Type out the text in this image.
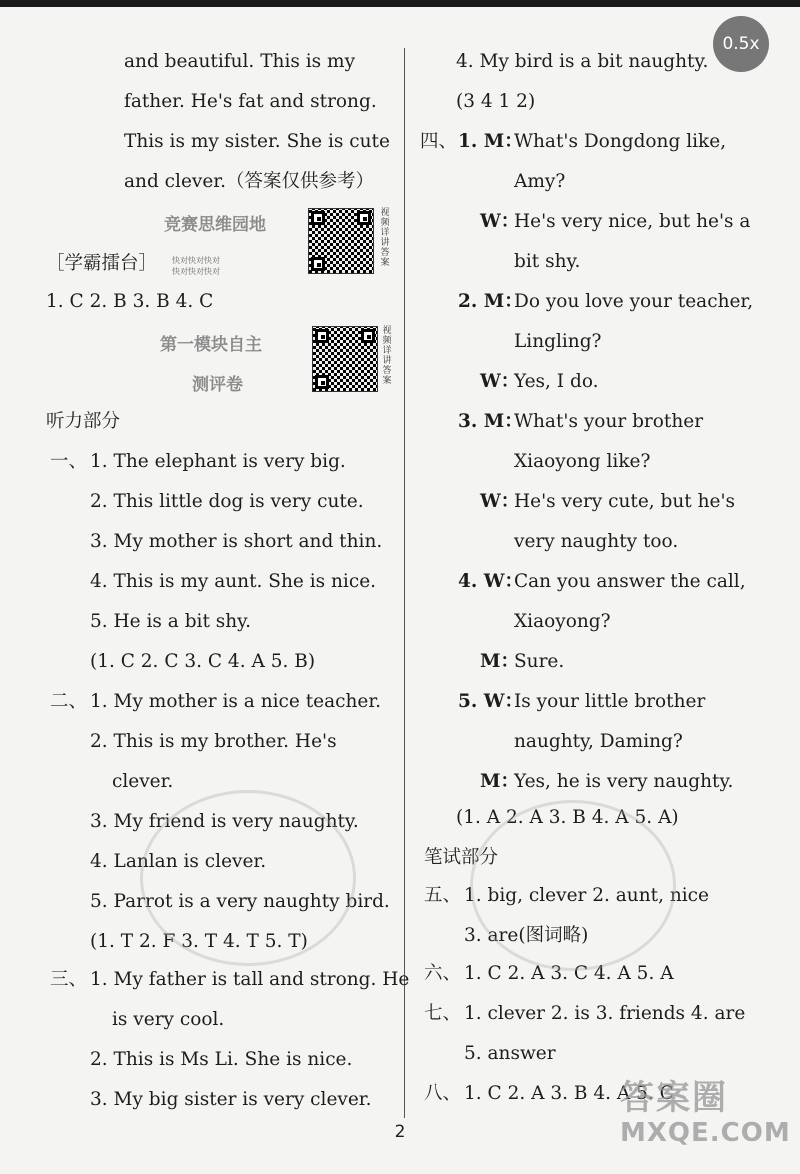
0.5x
and beautiful. This is my
father. He's fat and strong.
This is my sister. She is cute
and clever.（答案仅供参考）
竞赛思维园地
视频详讲答案
［学霸擂台］ 快对快对快对
快对快对快对
1. C 2. B 3. B 4. C
第一模块自主
测评卷
视频详讲答案
听力部分
一、 1. The elephant is very big.
2. This little dog is very cute.
3. My mother is short and thin.
4. This is my aunt. She is nice.
5. He is a bit shy.
(1. C 2. C 3. C 4. A 5. B)
二、 1. My mother is a nice teacher.
2. This is my brother. He's
clever.
3. My friend is very naughty.
4. Lanlan is clever.
5. Parrot is a very naughty bird.
(1. T 2. F 3. T 4. T 5. T)
三、 1. My father is tall and strong. He
is very cool.
2. This is Ms Li. She is nice.
3. My big sister is very clever.
4. My bird is a bit naughty.
(3 4 1 2)
四、 1. M：
What's Dongdong like,
Amy?
W：
He's very nice, but he's a
bit shy.
2. M：
Do you love your teacher,
Lingling?
W：
Yes, I do.
3. M：
What's your brother
Xiaoyong like?
W：
He's very cute, but he's
very naughty too.
4. W：
Can you answer the call,
Xiaoyong?
M：
Sure.
5. W：
Is your little brother
naughty, Daming?
M：
Yes, he is very naughty.
(1. A 2. A 3. B 4. A 5. A)
笔试部分
五、 1. big, clever 2. aunt, nice
3. are(图词略)
六、 1. C 2. A 3. C 4. A 5. A
七、 1. clever 2. is 3. friends 4. are
5. answer
八、 1. C 2. A 3. B 4. A 5. C
2
答案圈
MXQE.COM
